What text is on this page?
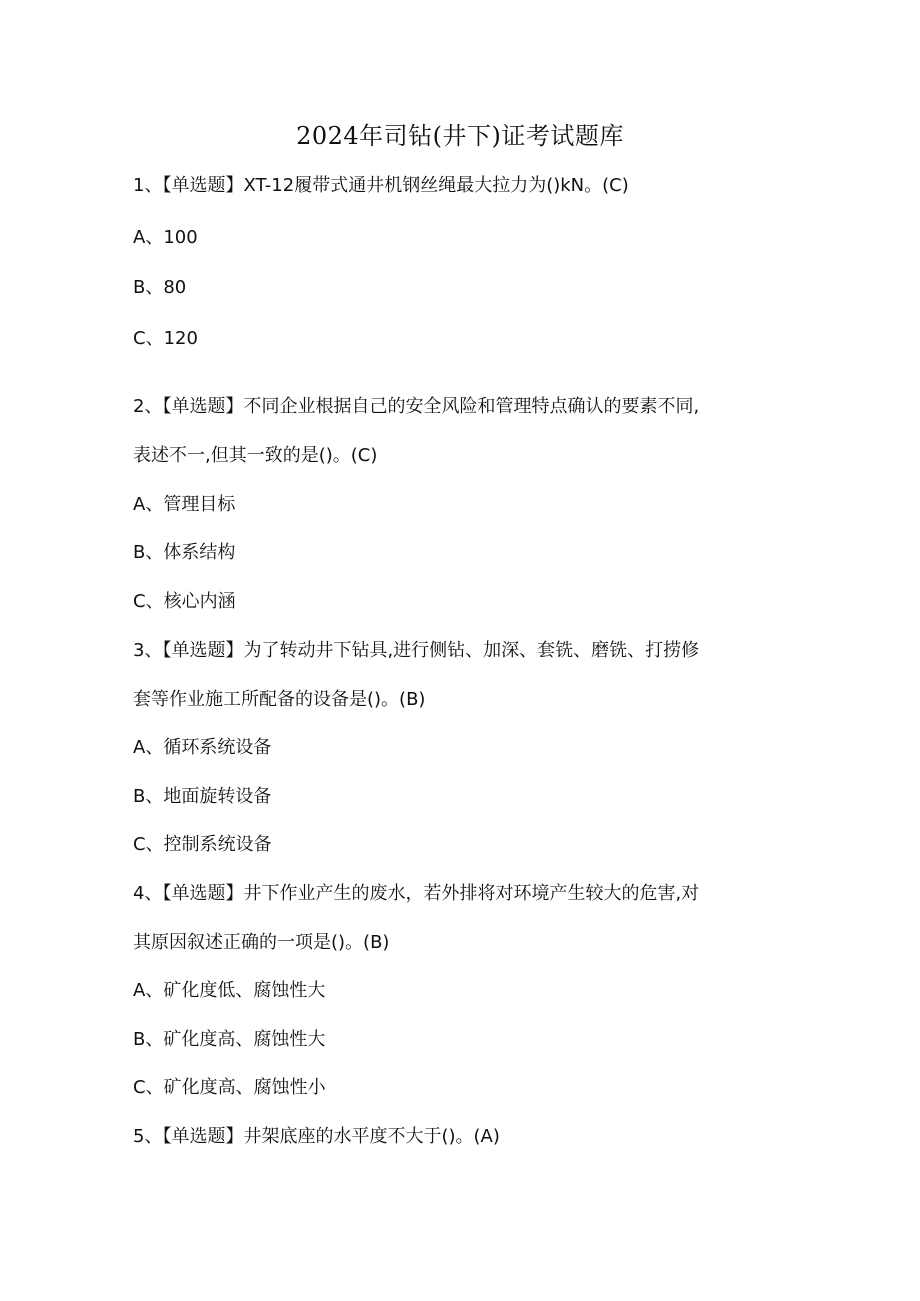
2024年司钻(井下)证考试题库
1、【单选题】XT-12履带式通井机钢丝绳最大拉力为()kN。(C)
A、100
B、80
C、120
2、【单选题】不同企业根据自己的安全风险和管理特点确认的要素不同,
表述不一,但其一致的是()。(C)
A、管理目标
B、体系结构
C、核心内涵
3、【单选题】为了转动井下钻具,进行侧钻、加深、套铣、磨铣、打捞修
套等作业施工所配备的设备是()。(B)
A、循环系统设备
B、地面旋转设备
C、控制系统设备
4、【单选题】井下作业产生的废水，若外排将对环境产生较大的危害,对
其原因叙述正确的一项是()。(B)
A、矿化度低、腐蚀性大
B、矿化度高、腐蚀性大
C、矿化度高、腐蚀性小
5、【单选题】井架底座的水平度不大于()。(A)
